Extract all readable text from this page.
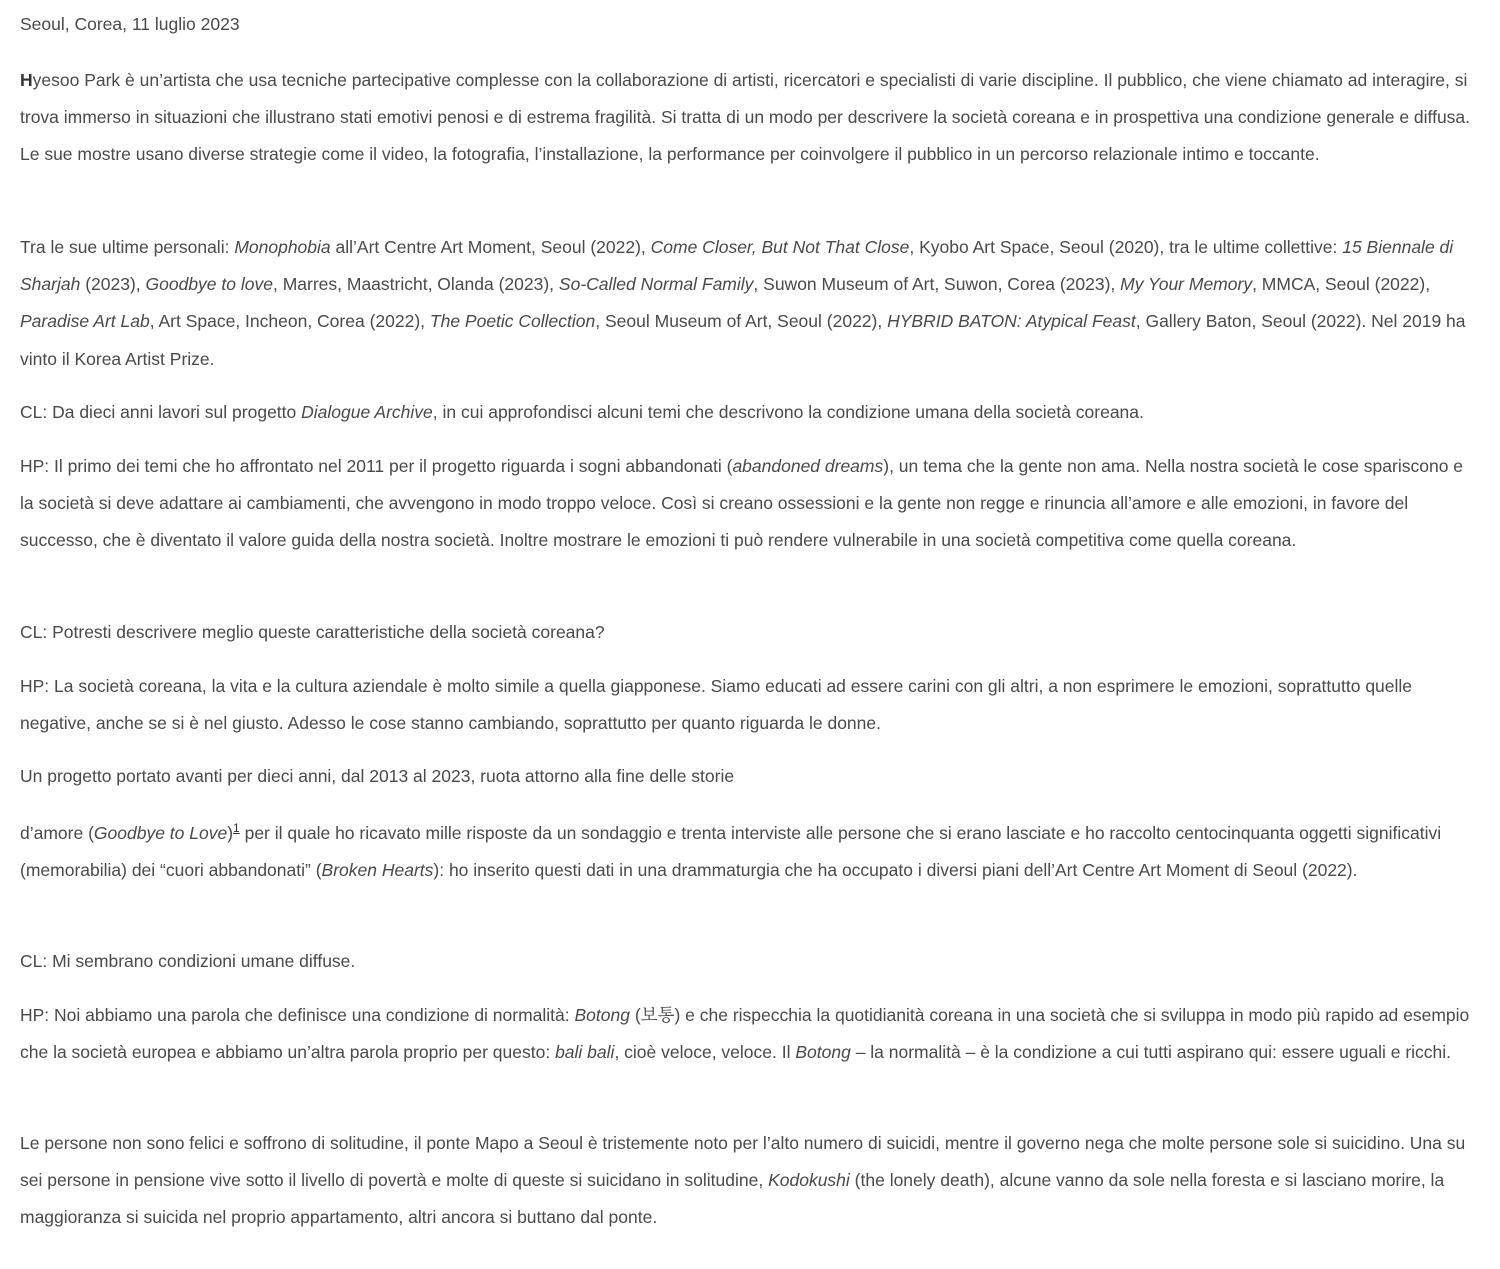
Seoul, Corea, 11 luglio 2023

Hyesoo Park è un’artista che usa tecniche partecipative complesse con la collaborazione di artisti, ricercatori e specialisti di varie discipline. Il pubblico, che viene chiamato ad interagire, si trova immerso in situazioni che illustrano stati emotivi penosi e di estrema fragilità. Si tratta di un modo per descrivere la società coreana e in prospettiva una condizione generale e diffusa. Le sue mostre usano diverse strategie come il video, la fotografia, l’installazione, la performance per coinvolgere il pubblico in un percorso relazionale intimo e toccante.

Tra le sue ultime personali: Monophobia all’Art Centre Art Moment, Seoul (2022), Come Closer, But Not That Close, Kyobo Art Space, Seoul (2020), tra le ultime collettive: 15 Biennale di Sharjah (2023), Goodbye to love, Marres, Maastricht, Olanda (2023), So-Called Normal Family, Suwon Museum of Art, Suwon, Corea (2023), My Your Memory, MMCA, Seoul (2022), Paradise Art Lab, Art Space, Incheon, Corea (2022), The Poetic Collection, Seoul Museum of Art, Seoul (2022), HYBRID BATON: Atypical Feast, Gallery Baton, Seoul (2022). Nel 2019 ha vinto il Korea Artist Prize.

CL: Da dieci anni lavori sul progetto Dialogue Archive, in cui approfondisci alcuni temi che descrivono la condizione umana della società coreana.

HP: Il primo dei temi che ho affrontato nel 2011 per il progetto riguarda i sogni abbandonati (abandoned dreams), un tema che la gente non ama. Nella nostra società le cose spariscono e la società si deve adattare ai cambiamenti, che avvengono in modo troppo veloce. Così si creano ossessioni e la gente non regge e rinuncia all’amore e alle emozioni, in favore del successo, che è diventato il valore guida della nostra società. Inoltre mostrare le emozioni ti può rendere vulnerabile in una società competitiva come quella coreana.

CL: Potresti descrivere meglio queste caratteristiche della società coreana?

HP: La società coreana, la vita e la cultura aziendale è molto simile a quella giapponese. Siamo educati ad essere carini con gli altri, a non esprimere le emozioni, soprattutto quelle negative, anche se si è nel giusto. Adesso le cose stanno cambiando, soprattutto per quanto riguarda le donne.

Un progetto portato avanti per dieci anni, dal 2013 al 2023, ruota attorno alla fine delle storie

d’amore (Goodbye to Love)$^1$ per il quale ho ricavato mille risposte da un sondaggio e trenta interviste alle persone che si erano lasciate e ho raccolto centocinquanta oggetti significativi (memorabilia) dei “cuori abbandonati” (Broken Hearts): ho inserito questi dati in una drammaturgia che ha occupato i diversi piani dell’Art Centre Art Moment di Seoul (2022).

CL: Mi sembrano condizioni umane diffuse.

HP: Noi abbiamo una parola che definisce una condizione di normalità: Botong (보통) e che rispecchia la quotidianità coreana in una società che si sviluppa in modo più rapido ad esempio che la società europea e abbiamo un’altra parola proprio per questo: bali bali, cioè veloce, veloce. Il Botong – la normalità – è la condizione a cui tutti aspirano qui: essere uguali e ricchi.

Le persone non sono felici e soffrono di solitudine, il ponte Mapo a Seoul è tristemente noto per l’alto numero di suicidi, mentre il governo nega che molte persone sole si suicidino. Una su sei persone in pensione vive sotto il livello di povertà e molte di queste si suicidano in solitudine, Kodokushi (the lonely death), alcune vanno da sole nella foresta e si lasciano morire, la maggioranza si suicida nel proprio appartamento, altri ancora si buttano dal ponte.
